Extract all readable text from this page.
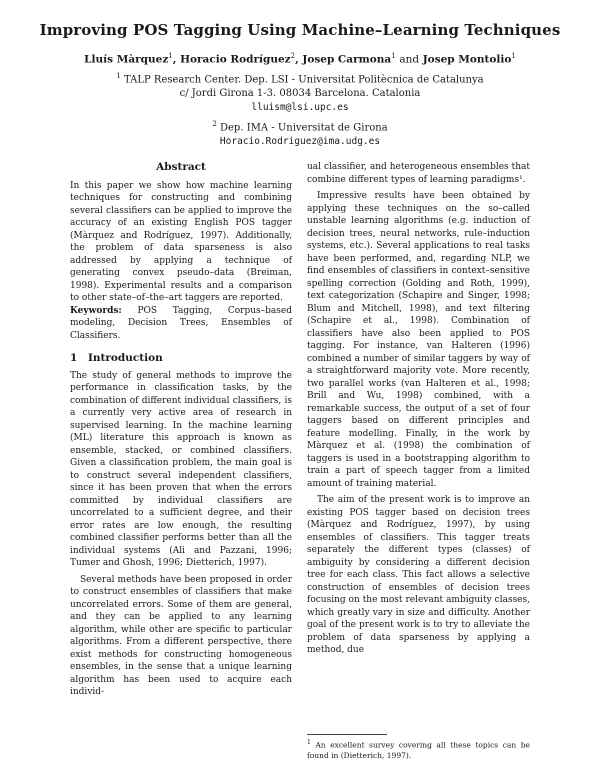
Improving POS Tagging Using Machine–Learning Techniques
Lluís Màrquez$^1$, Horacio Rodríguez$^2$, Josep Carmona$^1$ and Josep Montolio$^1$
$^1$ TALP Research Center. Dep. LSI - Universitat Politècnica de Catalunya
c/ Jordi Girona 1-3. 08034 Barcelona. Catalonia
lluism@lsi.upc.es
$^2$ Dep. IMA - Universitat de Girona
Horacio.Rodriguez@ima.udg.es
Abstract

In this paper we show how machine learning techniques for constructing and combining several classifiers can be applied to improve the accuracy of an existing English POS tagger (Màrquez and Rodríguez, 1997). Additionally, the problem of data sparseness is also addressed by applying a technique of generating convex pseudo–data (Breiman, 1998). Experimental results and a comparison to other state–of–the–art taggers are reported.

Keywords: POS Tagging, Corpus–based modeling, Decision Trees, Ensembles of Classifiers.

1 Introduction

The study of general methods to improve the performance in classification tasks, by the combination of different individual classifiers, is a currently very active area of research in supervised learning. In the machine learning (ML) literature this approach is known as ensemble, stacked, or combined classifiers. Given a classification problem, the main goal is to construct several independent classifiers, since it has been proven that when the errors committed by individual classifiers are uncorrelated to a sufficient degree, and their error rates are low enough, the resulting combined classifier performs better than all the individual systems (Ali and Pazzani, 1996; Tumer and Ghosh, 1996; Dietterich, 1997).

Several methods have been proposed in order to construct ensembles of classifiers that make uncorrelated errors. Some of them are general, and they can be applied to any learning algorithm, while other are specific to particular algorithms. From a different perspective, there exist methods for constructing homogeneous ensembles, in the sense that a unique learning algorithm has been used to acquire each individ-

ual classifier, and heterogeneous ensembles that combine different types of learning paradigms¹.

Impressive results have been obtained by applying these techniques on the so–called unstable learning algorithms (e.g. induction of decision trees, neural networks, rule–induction systems, etc.). Several applications to real tasks have been performed, and, regarding NLP, we find ensembles of classifiers in context–sensitive spelling correction (Golding and Roth, 1999), text categorization (Schapire and Singer, 1998; Blum and Mitchell, 1998), and text filtering (Schapire et al., 1998). Combination of classifiers have also been applied to POS tagging. For instance, van Halteren (1996) combined a number of similar taggers by way of a straightforward majority vote. More recently, two parallel works (van Halteren et al., 1998; Brill and Wu, 1998) combined, with a remarkable success, the output of a set of four taggers based on different principles and feature modelling. Finally, in the work by Màrquez et al. (1998) the combination of taggers is used in a bootstrapping algorithm to train a part of speech tagger from a limited amount of training material.

The aim of the present work is to improve an existing POS tagger based on decision trees (Màrquez and Rodríguez, 1997), by using ensembles of classifiers. This tagger treats separately the different types (classes) of ambiguity by considering a different decision tree for each class. This fact allows a selective construction of ensembles of decision trees focusing on the most relevant ambiguity classes, which greatly vary in size and difficulty. Another goal of the present work is to try to alleviate the problem of data sparseness by applying a method, due

$^1$ An excellent survey covering all these topics can be found in (Dietterich, 1997).
